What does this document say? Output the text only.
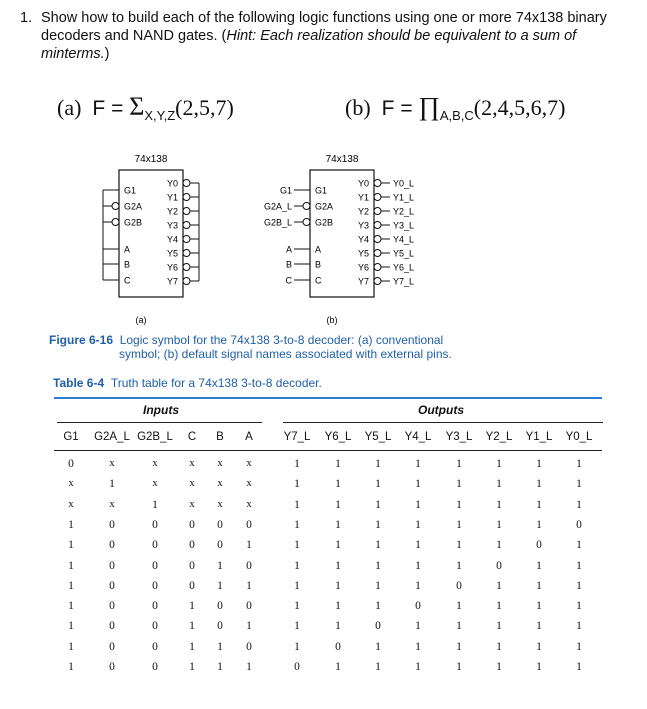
1. Show how to build each of the following logic functions using one or more 74x138 binary decoders and NAND gates. (Hint: Each realization should be equivalent to a sum of minterms.)
(a) $F = \Sigma_{X,Y,Z}(2,5,7)$	(b) $F = \prod_{A,B,C}(2,4,5,6,7)$
74x138
G1
G2A
G2B
A
B
C
Y0
Y1
Y2
Y3
Y4
Y5
Y6
Y7
(a)
74x138
G1
G2A
G2B
A
B
C
G1
G2A_L
G2B_L
A
B
C
Y0	Y0_L
Y1	Y1_L
Y2	Y2_L
Y3	Y3_L
Y4	Y4_L
Y5	Y5_L
Y6	Y6_L
Y7	Y7_L
(b)
Figure 6-16 Logic symbol for the 74x138 3-to-8 decoder: (a) conventional
symbol; (b) default signal names associated with external pins.
Table 6-4 Truth table for a 74x138 3-to-8 decoder.
Inputs	Outputs
G1 G2A_L G2B_L C B A	Y7_L Y6_L Y5_L Y4_L Y3_L Y2_L Y1_L Y0_L
0	x	x	x	x	x	1	1	1	1	1	1	1	1
x	1	x	x	x	x	1	1	1	1	1	1	1	1
x	x	1	x	x	x	1	1	1	1	1	1	1	1
1	0	0	0	0	0	1	1	1	1	1	1	1	0
1	0	0	0	0	1	1	1	1	1	1	1	0	1
1	0	0	0	1	0	1	1	1	1	1	0	1	1
1	0	0	0	1	1	1	1	1	1	0	1	1	1
1	0	0	1	0	0	1	1	1	0	1	1	1	1
1	0	0	1	0	1	1	1	0	1	1	1	1	1
1	0	0	1	1	0	1	0	1	1	1	1	1	1
1	0	0	1	1	1	0	1	1	1	1	1	1	1
